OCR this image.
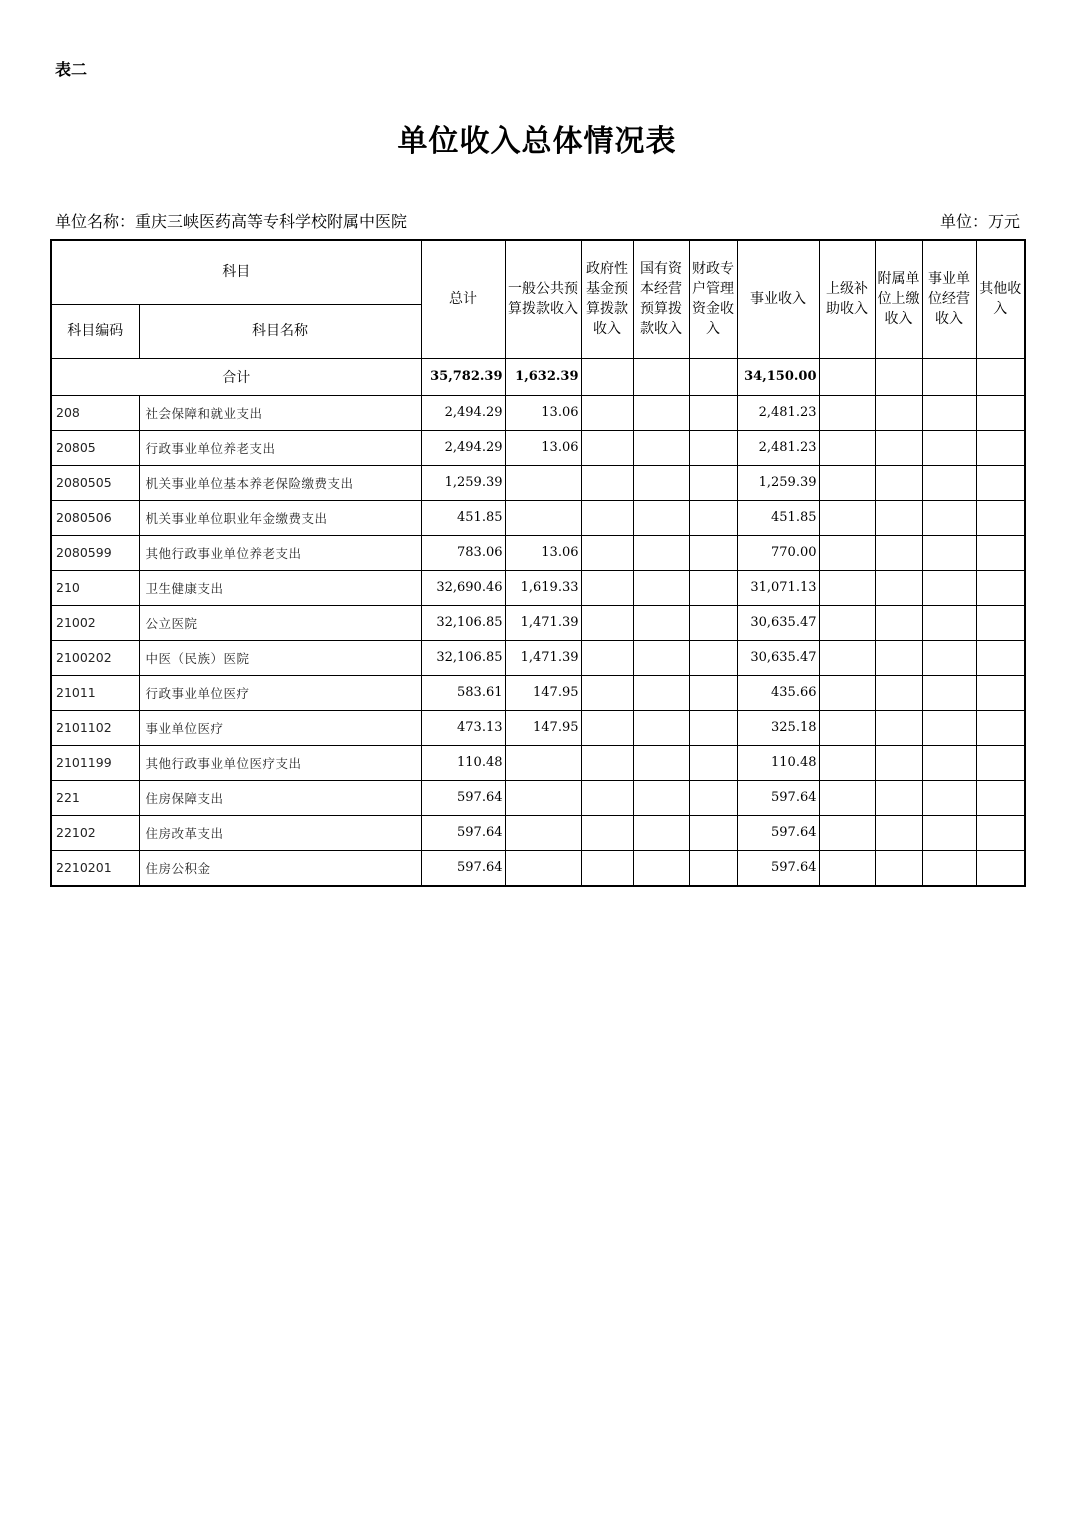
表二
单位收入总体情况表
单位名称：重庆三峡医药高等专科学校附属中医院	单位：万元
科目		总计	一般公共预算拨款收入	政府性基金预算拨款收入	国有资本经营预算拨款收入	财政专户管理资金收入	事业收入	上级补助收入	附属单位上缴收入	事业单位经营收入	其他收入
科目编码	科目名称										
合计		35,782.39	1,632.39				34,150.00				
208	社会保障和就业支出	2,494.29	13.06				2,481.23				
20805	行政事业单位养老支出	2,494.29	13.06				2,481.23				
2080505	机关事业单位基本养老保险缴费支出	1,259.39					1,259.39				
2080506	机关事业单位职业年金缴费支出	451.85					451.85				
2080599	其他行政事业单位养老支出	783.06	13.06				770.00				
210	卫生健康支出	32,690.46	1,619.33				31,071.13				
21002	公立医院	32,106.85	1,471.39				30,635.47				
2100202	中医（民族）医院	32,106.85	1,471.39				30,635.47				
21011	行政事业单位医疗	583.61	147.95				435.66				
2101102	事业单位医疗	473.13	147.95				325.18				
2101199	其他行政事业单位医疗支出	110.48					110.48				
221	住房保障支出	597.64					597.64				
22102	住房改革支出	597.64					597.64				
2210201	住房公积金	597.64					597.64				
